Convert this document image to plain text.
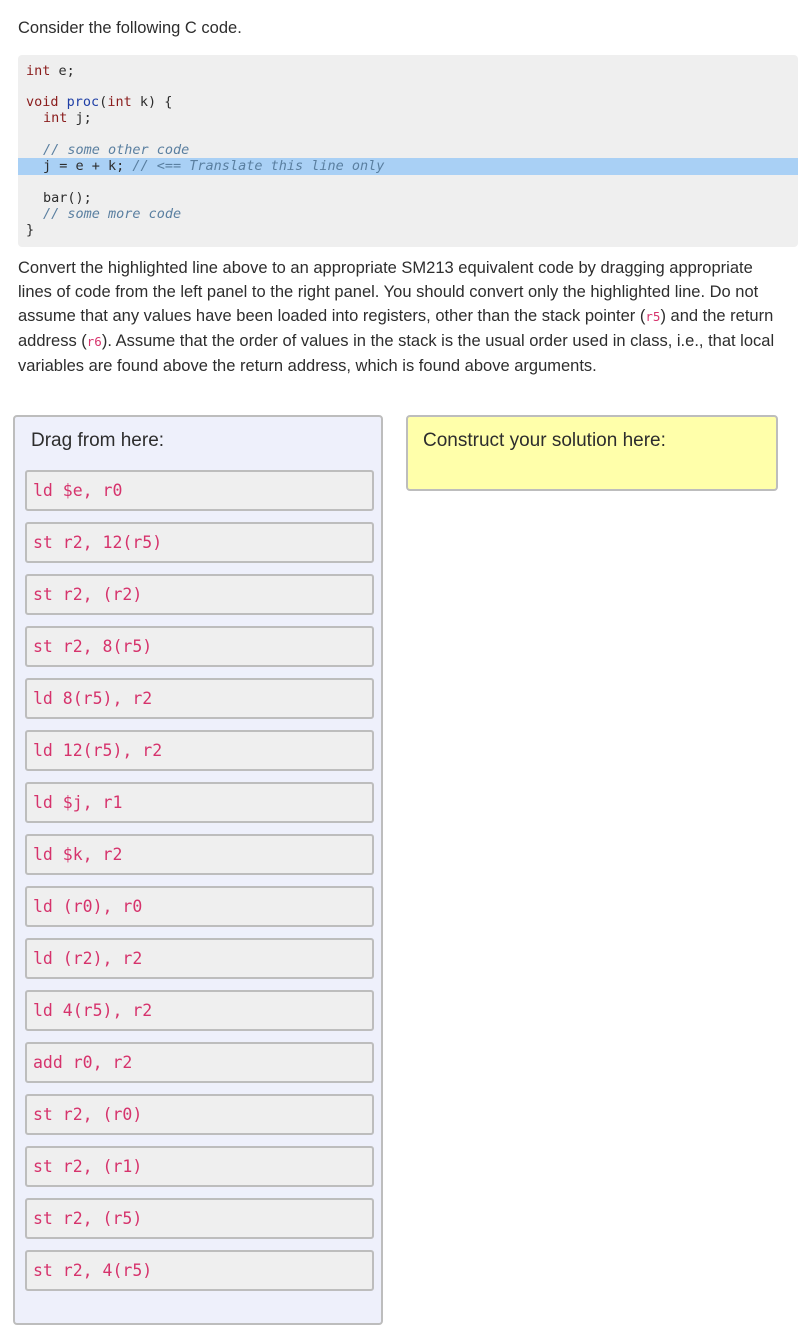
Consider the following C code.
int e;
void proc(int k) {
int j;
// some other code
j = e + k; // <== Translate this line only
bar();
// some more code
}
Convert the highlighted line above to an appropriate SM213 equivalent code by dragging appropriate lines of code from the left panel to the right panel. You should convert only the highlighted line. Do not assume that any values have been loaded into registers, other than the stack pointer (r5) and the return address (r6). Assume that the order of values in the stack is the usual order used in class, i.e., that local variables are found above the return address, which is found above arguments.
Drag from here:
ld $e, r0
st r2, 12(r5)
st r2, (r2)
st r2, 8(r5)
ld 8(r5), r2
ld 12(r5), r2
ld $j, r1
ld $k, r2
ld (r0), r0
ld (r2), r2
ld 4(r5), r2
add r0, r2
st r2, (r0)
st r2, (r1)
st r2, (r5)
st r2, 4(r5)
Construct your solution here:
